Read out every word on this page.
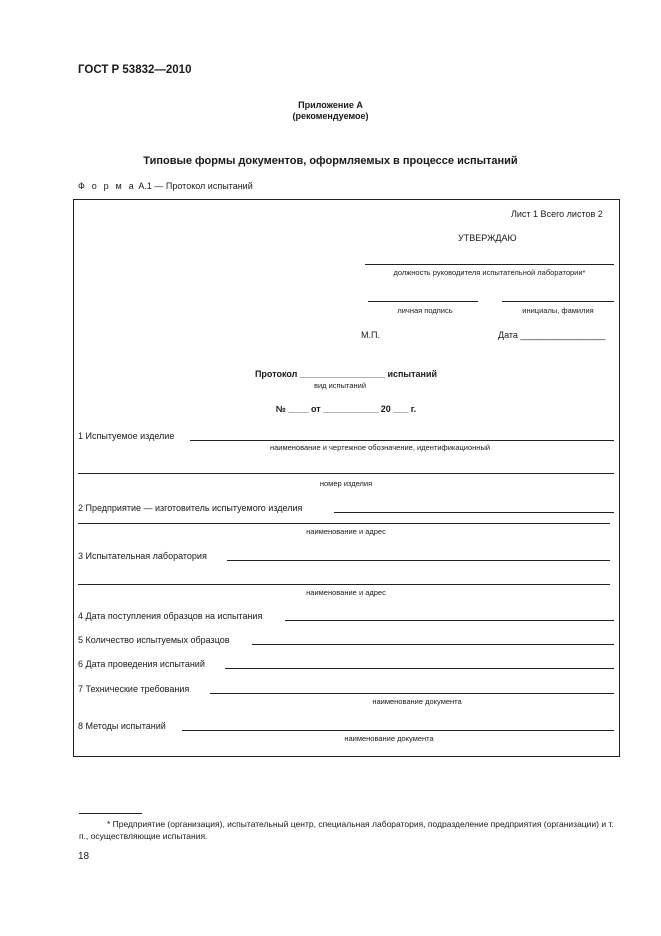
ГОСТ Р 53832—2010
Приложение А
(рекомендуемое)
Типовые формы документов, оформляемых в процессе испытаний
Ф о р м а А.1 — Протокол испытаний
Лист 1 Всего листов 2
УТВЕРЖДАЮ
должность руководителя испытательной лаборатории*
личная подпись	инициалы, фамилия
М.П.	Дата _________________
Протокол _________________ испытаний
вид испытаний
№ ____ от ___________ 20 ___ г.
1 Испытуемое изделие
наименование и чертежное обозначение, идентификационный
номер изделия
2 Предприятие — изготовитель испытуемого изделия
наименование и адрес
3 Испытательная лаборатория
наименование и адрес
4 Дата поступления образцов на испытания
5 Количество испытуемых образцов
6 Дата проведения испытаний
7 Технические требования
наименование документа
8 Методы испытаний
наименование документа
* Предприятие (организация), испытательный центр, специальная лаборатория, подразделение предприятия (организации) и т. п., осуществляющие испытания.
18
